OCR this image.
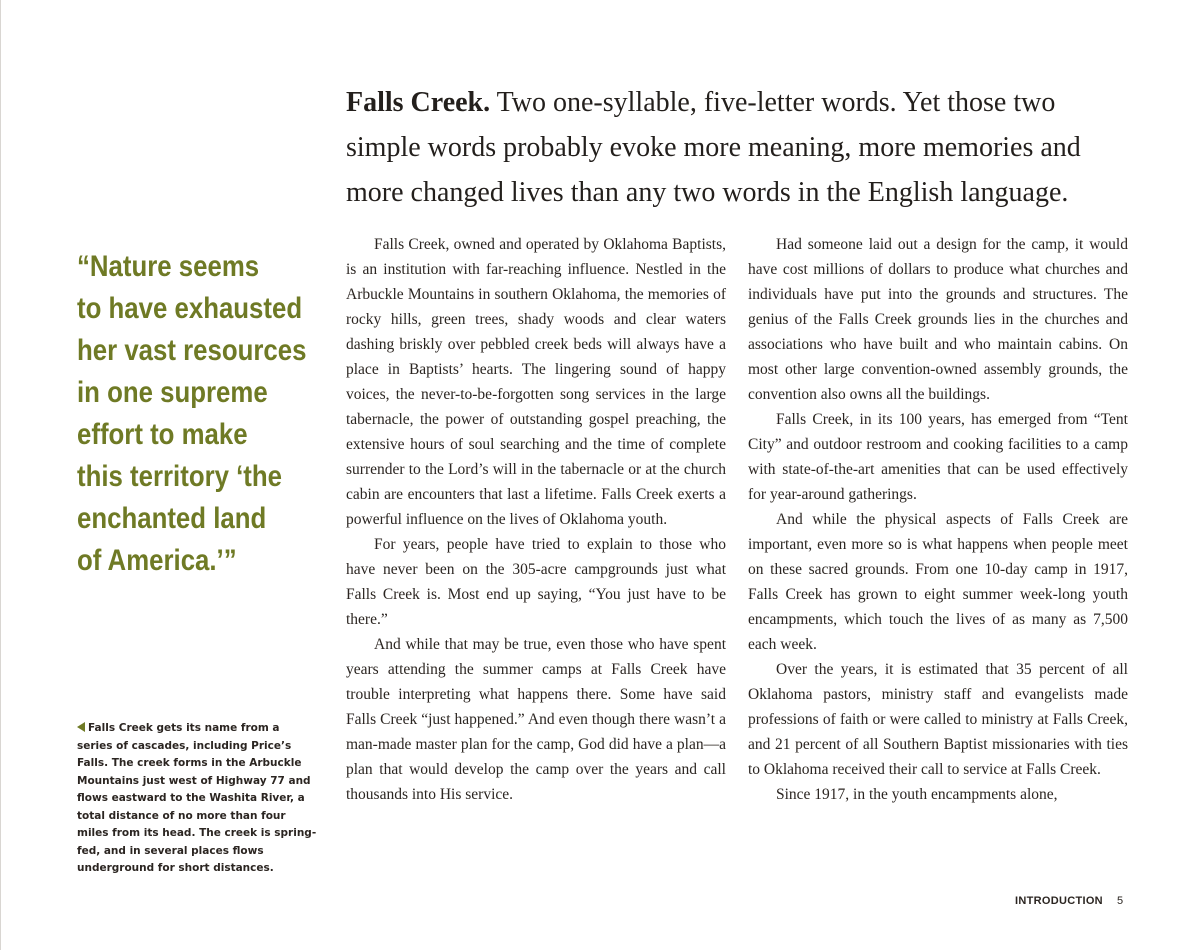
Falls Creek. Two one-syllable, five-letter words. Yet those two simple words probably evoke more meaning, more memories and more changed lives than any two words in the English language.
“Nature seems
to have exhausted
her vast resources
in one supreme
effort to make
this territory ‘the
enchanted land
of America.’”
Falls Creek gets its name from a series of cascades, including Price’s Falls. The creek forms in the Arbuckle Mountains just west of Highway 77 and flows eastward to the Washita River, a total distance of no more than four miles from its head. The creek is spring-fed, and in several places flows underground for short distances.

Falls Creek, owned and operated by Oklahoma Baptists, is an institution with far-reaching influence. Nestled in the Arbuckle Mountains in southern Oklahoma, the memories of rocky hills, green trees, shady woods and clear waters dashing briskly over pebbled creek beds will always have a place in Baptists’ hearts. The lingering sound of happy voices, the never-to-be-forgotten song services in the large tabernacle, the power of outstanding gospel preaching, the extensive hours of soul searching and the time of complete surrender to the Lord’s will in the tabernacle or at the church cabin are encounters that last a lifetime. Falls Creek exerts a powerful influence on the lives of Oklahoma youth.

For years, people have tried to explain to those who have never been on the 305-acre campgrounds just what Falls Creek is. Most end up saying, “You just have to be there.”

And while that may be true, even those who have spent years attending the summer camps at Falls Creek have trouble interpreting what happens there. Some have said Falls Creek “just happened.” And even though there wasn’t a man-made master plan for the camp, God did have a plan—a plan that would develop the camp over the years and call thousands into His service.

Had someone laid out a design for the camp, it would have cost millions of dollars to produce what churches and individuals have put into the grounds and structures. The genius of the Falls Creek grounds lies in the churches and associations who have built and who maintain cabins. On most other large convention-owned assembly grounds, the convention also owns all the buildings.

Falls Creek, in its 100 years, has emerged from “Tent City” and outdoor restroom and cooking facilities to a camp with state-of-the-art amenities that can be used effectively for year-around gatherings.

And while the physical aspects of Falls Creek are important, even more so is what happens when people meet on these sacred grounds. From one 10-day camp in 1917, Falls Creek has grown to eight summer week-long youth encampments, which touch the lives of as many as 7,500 each week.

Over the years, it is estimated that 35 percent of all Oklahoma pastors, ministry staff and evangelists made professions of faith or were called to ministry at Falls Creek, and 21 percent of all Southern Baptist missionaries with ties to Oklahoma received their call to service at Falls Creek.

Since 1917, in the youth encampments alone,

INTRODUCTION 5
